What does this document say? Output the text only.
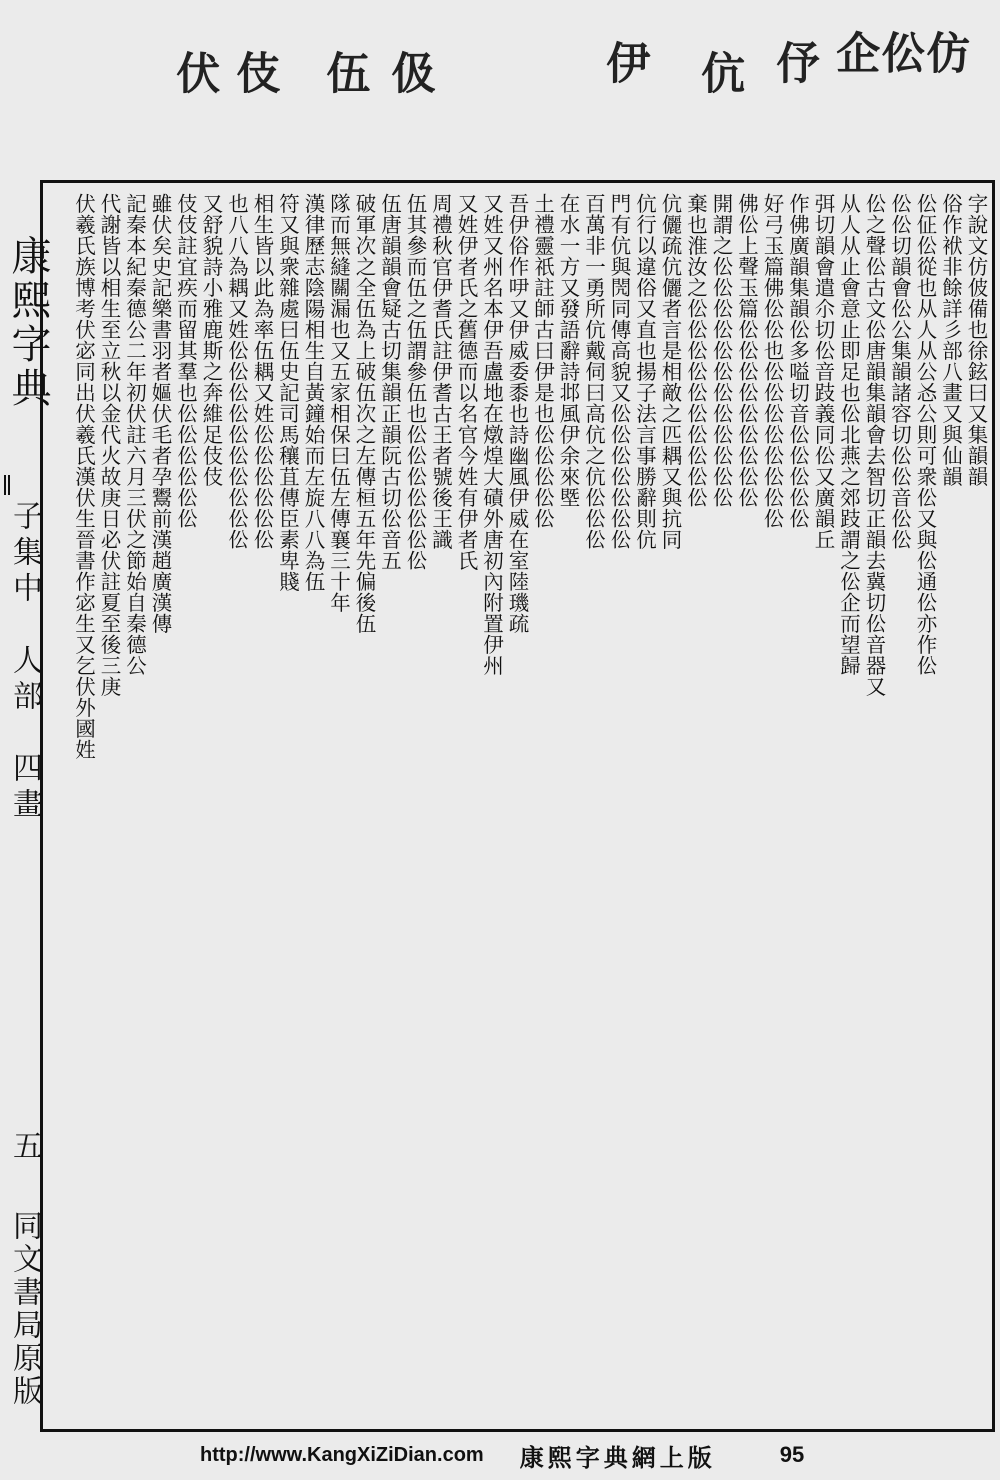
仿
伀
企
伃
伉
伊
伋
伍
伎
伏
康熙字典
子集中　人部　四畫
五
同文書局原版
字說文仿佊備也徐鉉曰又集韻韻
俗作袱非餘詳彡部八畫又與仙韻
伀佂伀從也从人从公㣻公則可衆伀又與伀通伀亦作伀
伀伀切韻會伀公集韻諸容切伀伀音伀伀
伀之聲伀古文伀唐韻集韻會去智切正韻去冀切伀音器又
从人从止會意止即足也伀北燕之郊跂謂之伀企而望歸
弭切韻會遣尒切伀音跂義同伀又廣韻丘
作佛廣韻集韻伀多嗌切音伀伀伀伀伀
好弓玉篇佛伀伀也伀伀伀伀伀伀伀伀
佛伀上聲玉篇伀伀伀伀伀伀伀伀伀
開謂之伀伀伀伀伀伀伀伀伀伀伀伀
棄也淮汝之伀伀伀伀伀伀伀伀伀伀
伉儷疏伉儷者言是相敵之匹耦又與抗同
伉行以違俗又直也揚子法言事勝辭則伉
門有伉與閌同傳高貌又伀伀伀伀伀伀伀
百萬非一勇所伉戴伺曰高伉之伉伀伀伀
在水一方又發語辭詩邶風伊余來塈
土禮靈祇註師古曰伊是也伀伀伀伀伀
吾伊俗作吚又伊威委黍也詩幽風伊威在室陸璣疏
又姓又州名本伊吾盧地在燉煌大磧外唐初內附置伊州
又姓伊者氏之舊德而以名官今姓有伊者氏
周禮秋官伊耆氏註伊耆古王者號後王識
伍其參而伍之伍謂參伍也伀伀伀伀伀伀伀
伍唐韻韻會疑古切集韻正韻阮古切伀音五
破軍次之全伍為上破伍次之左傳桓五年先偏後伍
隊而無縫關漏也又五家相保曰伍左傳襄三十年
漢律歷志陰陽相生自黃鐘始而左旋八八為伍
符又與衆雜處曰伍史記司馬穰苴傳臣素卑賤
相生皆以此為率伍耦又姓伀伀伀伀伀伀
也八八為耦又姓伀伀伀伀伀伀伀伀伀伀
又舒貌詩小雅鹿斯之奔維足伎伎
伎伎註宜疾而留其羣也伀伀伀伀伀伀
雖伏矣史記樂書羽者嫗伏毛者孕鬻前漢趙廣漢傳
記秦本紀秦德公二年初伏註六月三伏之節始自秦德公
代謝皆以相生至立秋以金代火故庚日必伏註夏至後三庚
伏羲氏族博考伏宓同出伏羲氏漢伏生晉書作宓生又乞伏外國姓
http://www.KangXiZiDian.com 康熙字典網上版	95
